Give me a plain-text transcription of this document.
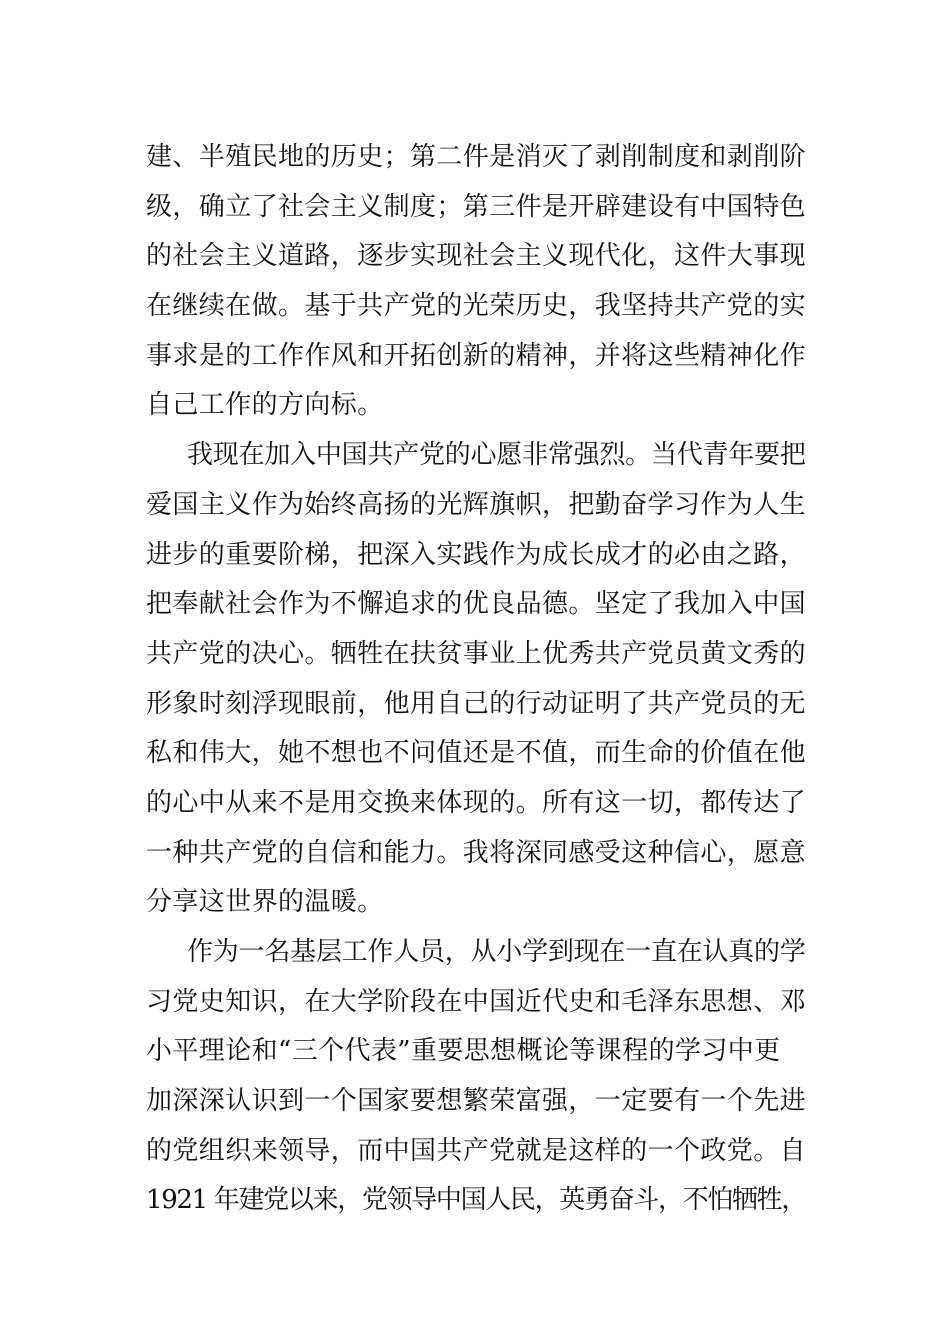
建、半殖民地的历史；第二件是消灭了剥削制度和剥削阶
级，确立了社会主义制度；第三件是开辟建设有中国特色
的社会主义道路，逐步实现社会主义现代化，这件大事现
在继续在做。基于共产党的光荣历史，我坚持共产党的实
事求是的工作作风和开拓创新的精神，并将这些精神化作
自己工作的方向标。
我现在加入中国共产党的心愿非常强烈。当代青年要把
爱国主义作为始终高扬的光辉旗帜，把勤奋学习作为人生
进步的重要阶梯，把深入实践作为成长成才的必由之路，
把奉献社会作为不懈追求的优良品德。坚定了我加入中国
共产党的决心。牺牲在扶贫事业上优秀共产党员黄文秀的
形象时刻浮现眼前，他用自己的行动证明了共产党员的无
私和伟大，她不想也不问值还是不值，而生命的价值在他
的心中从来不是用交换来体现的。所有这一切，都传达了
一种共产党的自信和能力。我将深同感受这种信心，愿意
分享这世界的温暖。
作为一名基层工作人员，从小学到现在一直在认真的学
习党史知识，在大学阶段在中国近代史和毛泽东思想、邓
小平理论和“三个代表”重要思想概论等课程的学习中更
加深深认识到一个国家要想繁荣富强，一定要有一个先进
的党组织来领导，而中国共产党就是这样的一个政党。自
1921 年建党以来，党领导中国人民，英勇奋斗，不怕牺牲，
